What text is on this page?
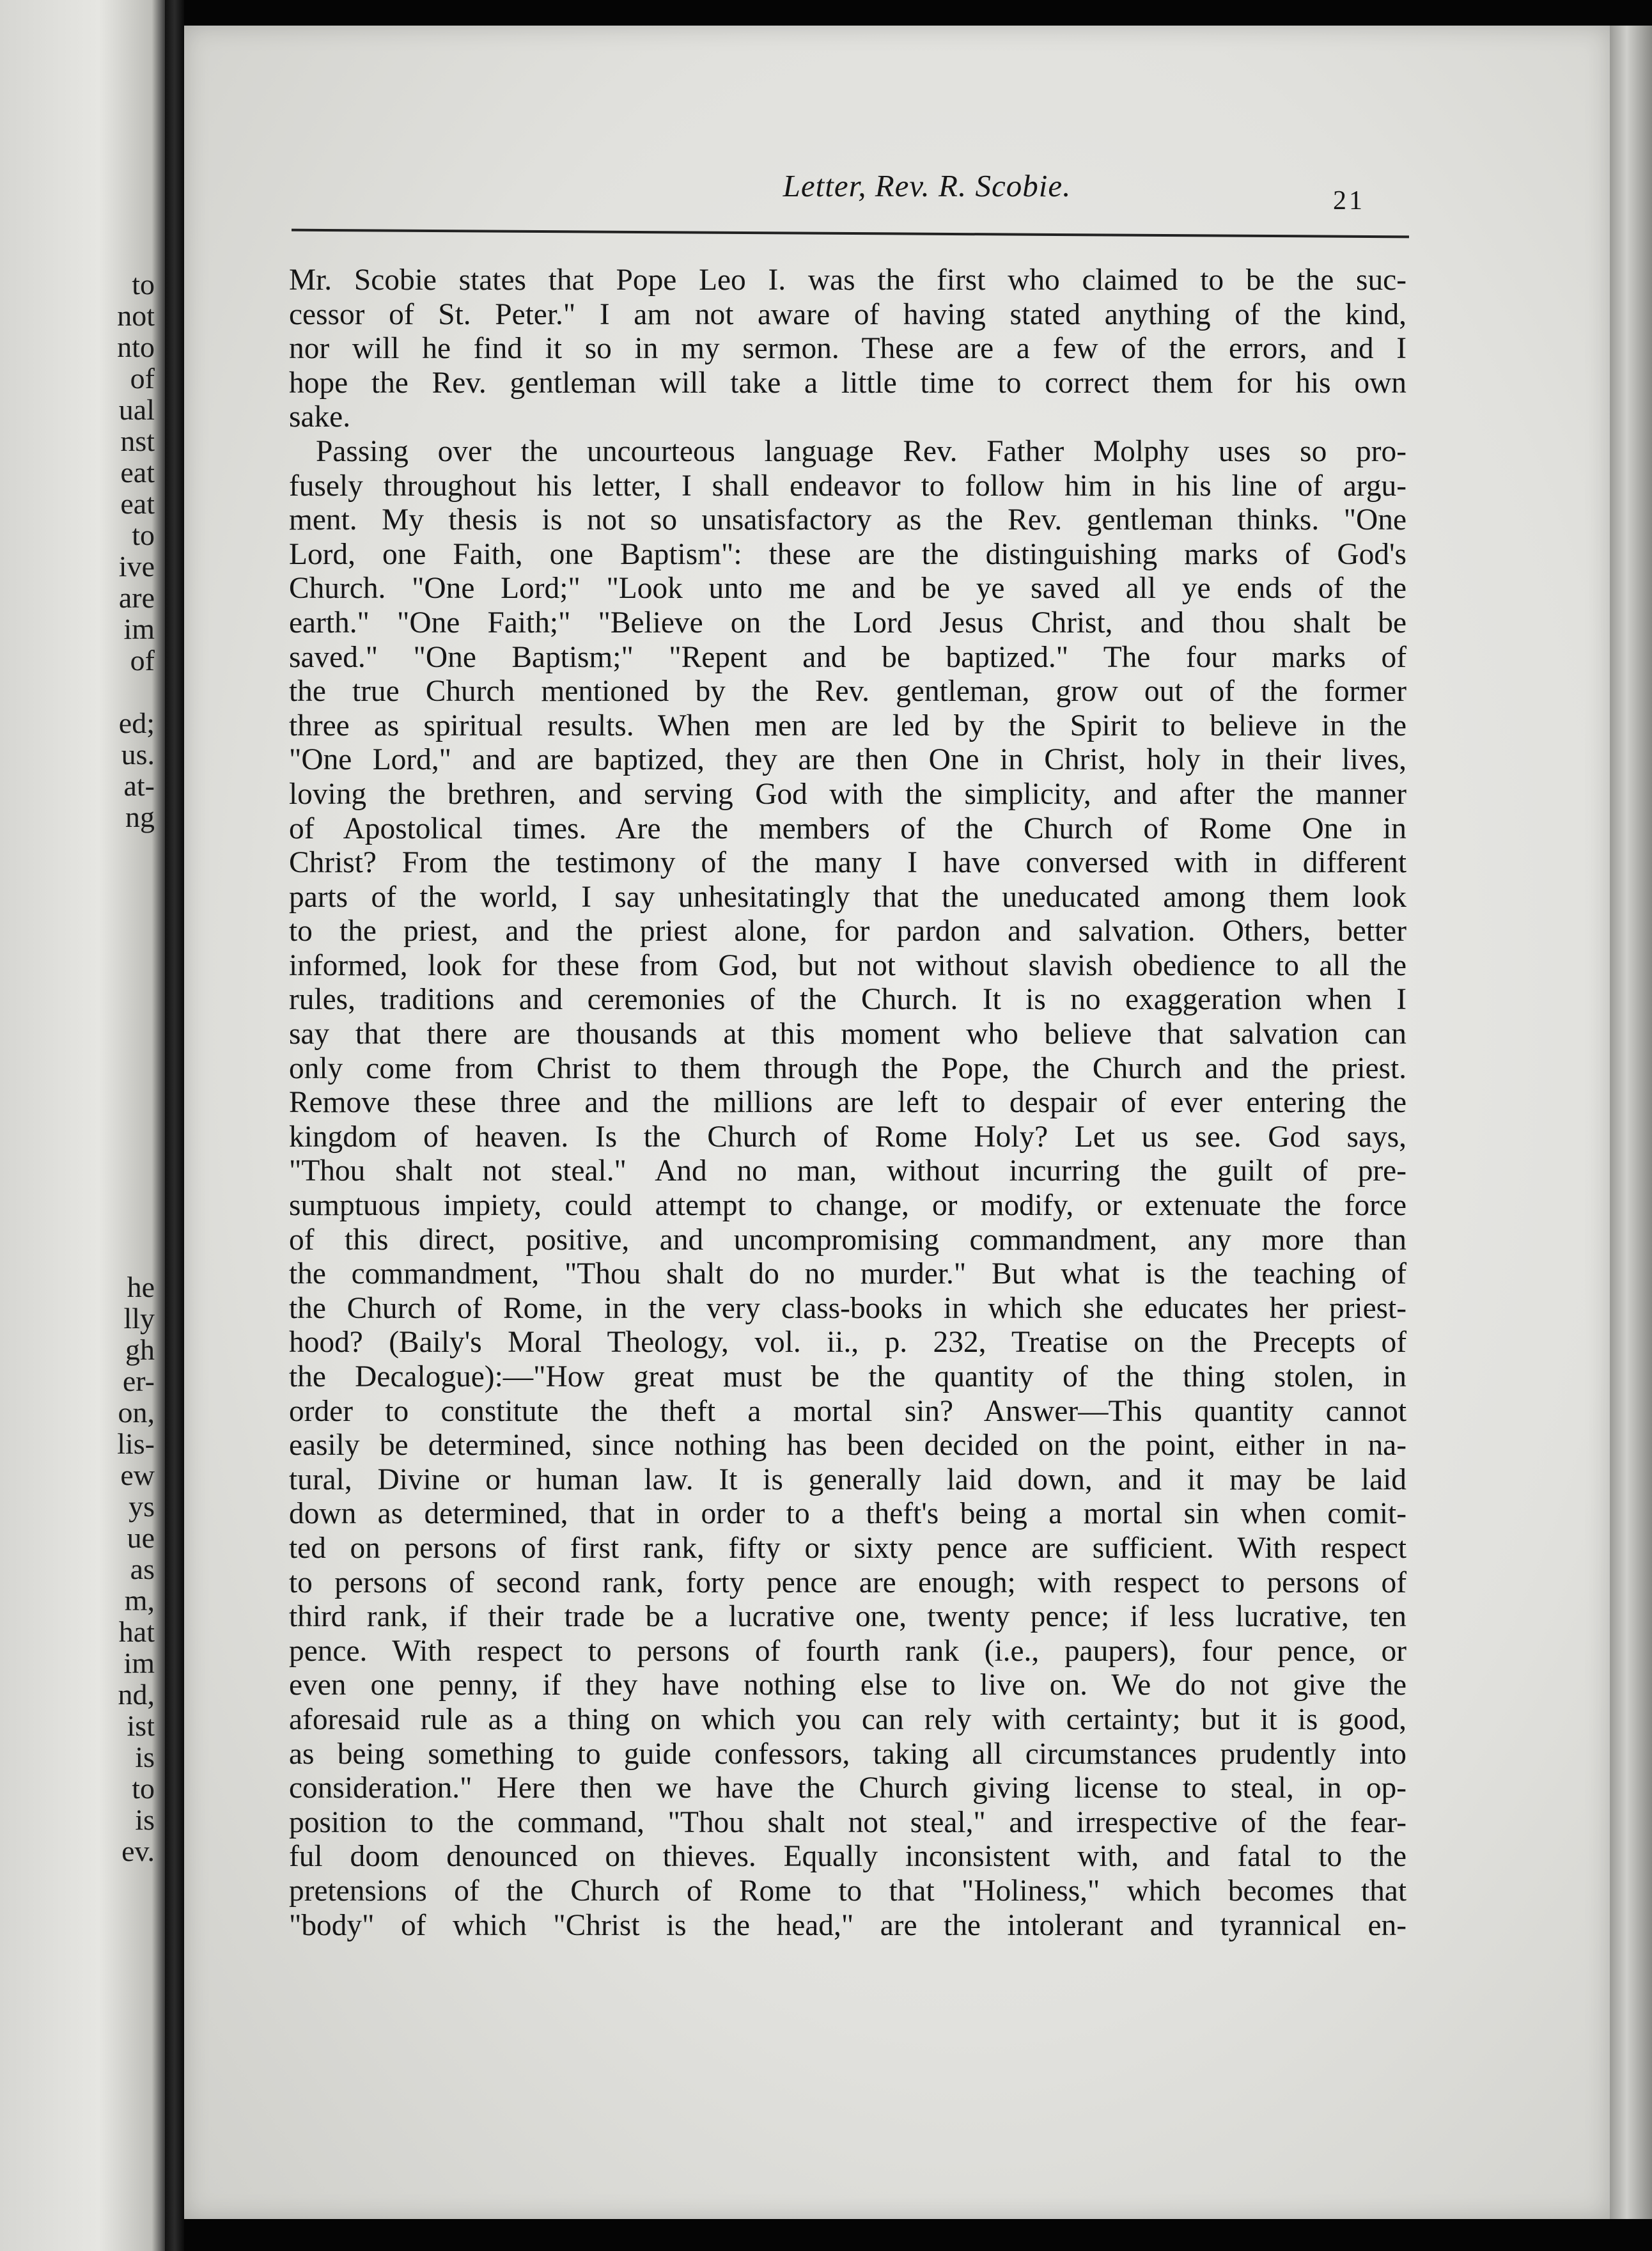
to
not
nto
of
ual
nst
eat
eat
to
ive
are
im
of
ed;
us.
at-
ng
he
lly
gh
er-
on,
lis-
ew
ys
ue
as
m,
hat
im
nd,
ist
is
to
is
ev.
Letter, Rev. R. Scobie.	21
Mr. Scobie states that Pope Leo I. was the first who claimed to be the suc-
cessor of St. Peter." I am not aware of having stated anything of the kind,
nor will he find it so in my sermon. These are a few of the errors, and I
hope the Rev. gentleman will take a little time to correct them for his own
sake.
Passing over the uncourteous language Rev. Father Molphy uses so pro-
fusely throughout his letter, I shall endeavor to follow him in his line of argu-
ment. My thesis is not so unsatisfactory as the Rev. gentleman thinks. "One
Lord, one Faith, one Baptism": these are the distinguishing marks of God's
Church. "One Lord;" "Look unto me and be ye saved all ye ends of the
earth." "One Faith;" "Believe on the Lord Jesus Christ, and thou shalt be
saved." "One Baptism;" "Repent and be baptized." The four marks of
the true Church mentioned by the Rev. gentleman, grow out of the former
three as spiritual results. When men are led by the Spirit to believe in the
"One Lord," and are baptized, they are then One in Christ, holy in their lives,
loving the brethren, and serving God with the simplicity, and after the manner
of Apostolical times. Are the members of the Church of Rome One in
Christ? From the testimony of the many I have conversed with in different
parts of the world, I say unhesitatingly that the uneducated among them look
to the priest, and the priest alone, for pardon and salvation. Others, better
informed, look for these from God, but not without slavish obedience to all the
rules, traditions and ceremonies of the Church. It is no exaggeration when I
say that there are thousands at this moment who believe that salvation can
only come from Christ to them through the Pope, the Church and the priest.
Remove these three and the millions are left to despair of ever entering the
kingdom of heaven. Is the Church of Rome Holy? Let us see. God says,
"Thou shalt not steal." And no man, without incurring the guilt of pre-
sumptuous impiety, could attempt to change, or modify, or extenuate the force
of this direct, positive, and uncompromising commandment, any more than
the commandment, "Thou shalt do no murder." But what is the teaching of
the Church of Rome, in the very class-books in which she educates her priest-
hood? (Baily's Moral Theology, vol. ii., p. 232, Treatise on the Precepts of
the Decalogue):—"How great must be the quantity of the thing stolen, in
order to constitute the theft a mortal sin? Answer—This quantity cannot
easily be determined, since nothing has been decided on the point, either in na-
tural, Divine or human law. It is generally laid down, and it may be laid
down as determined, that in order to a theft's being a mortal sin when comit-
ted on persons of first rank, fifty or sixty pence are sufficient. With respect
to persons of second rank, forty pence are enough; with respect to persons of
third rank, if their trade be a lucrative one, twenty pence; if less lucrative, ten
pence. With respect to persons of fourth rank (i.e., paupers), four pence, or
even one penny, if they have nothing else to live on. We do not give the
aforesaid rule as a thing on which you can rely with certainty; but it is good,
as being something to guide confessors, taking all circumstances prudently into
consideration." Here then we have the Church giving license to steal, in op-
position to the command, "Thou shalt not steal," and irrespective of the fear-
ful doom denounced on thieves. Equally inconsistent with, and fatal to the
pretensions of the Church of Rome to that "Holiness," which becomes that
"body" of which "Christ is the head," are the intolerant and tyrannical en-
